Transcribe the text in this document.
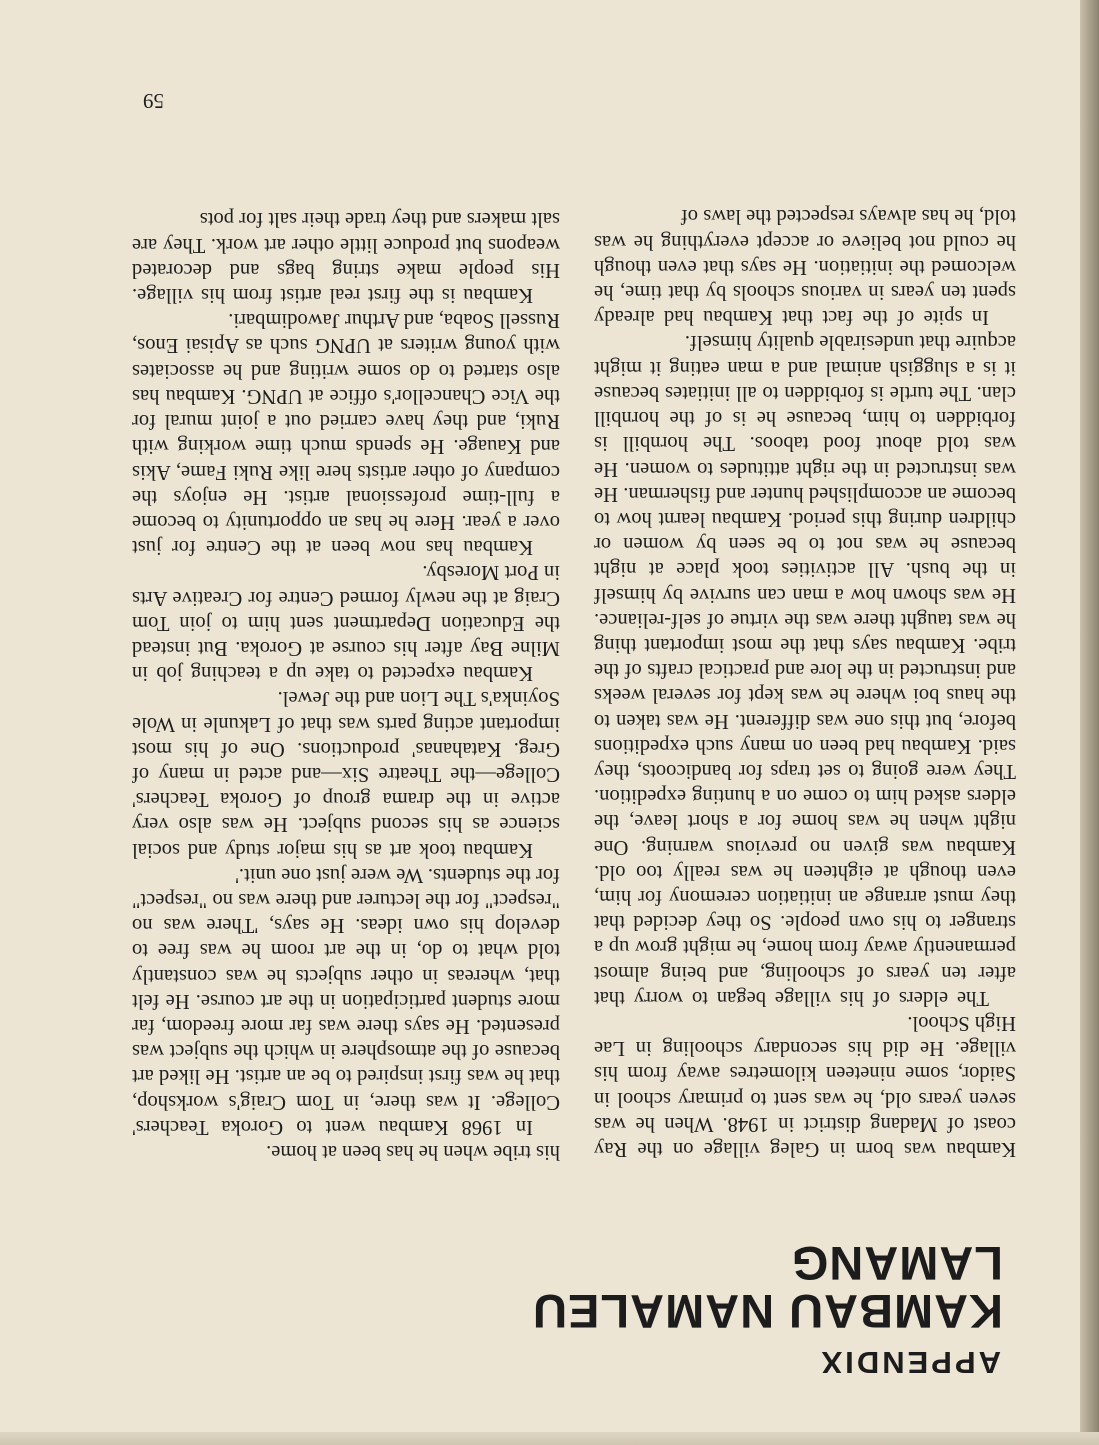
APPENDIX
KAMBAU NAMALEU
LAMANG

Kambau was born in Galeg village on the Ray coast of Madang district in 1948. When he was seven years old, he was sent to primary school in Saidor, some nineteen kilometres away from his village. He did his secondary schooling in Lae High School.

The elders of his village began to worry that after ten years of schooling, and being almost permanently away from home, he might grow up a stranger to his own people. So they decided that they must arrange an initiation ceremony for him, even though at eighteen he was really too old. Kambau was given no previous warning. One night when he was home for a short leave, the elders asked him to come on a hunting expedition. They were going to set traps for bandicoots, they said. Kambau had been on many such expeditions before, but this one was different. He was taken to the haus boi where he was kept for several weeks and instructed in the lore and practical crafts of the tribe. Kambau says that the most important thing he was taught there was the virtue of self-reliance. He was shown how a man can survive by himself in the bush. All activities took place at night because he was not to be seen by women or children during this period. Kambau learnt how to become an accomplished hunter and fisherman. He was instructed in the right attitudes to women. He was told about food taboos. The hornbill is forbidden to him, because he is of the hornbill clan. The turtle is forbidden to all initiates because it is a sluggish animal and a man eating it might acquire that undesirable quality himself.

In spite of the fact that Kambau had already spent ten years in various schools by that time, he welcomed the initiation. He says that even though he could not believe or accept everything he was told, he has always respected the laws of

his tribe when he has been at home.

In 1968 Kambau went to Goroka Teachers' College. It was there, in Tom Craig's workshop, that he was first inspired to be an artist. He liked art because of the atmosphere in which the subject was presented. He says there was far more freedom, far more student participation in the art course. He felt that, whereas in other subjects he was constantly told what to do, in the art room he was free to develop his own ideas. He says, 'There was no "respect" for the lecturer and there was no "respect" for the students. We were just one unit.'

Kambau took art as his major study and social science as his second subject. He was also very active in the drama group of Goroka Teachers' College—the Theatre Six—and acted in many of Greg. Katahanas' productions. One of his most important acting parts was that of Lakunle in Wole Soyinka's The Lion and the Jewel.

Kambau expected to take up a teaching job in Milne Bay after his course at Goroka. But instead the Education Department sent him to join Tom Craig at the newly formed Centre for Creative Arts in Port Moresby.

Kambau has now been at the Centre for just over a year. Here he has an opportunity to become a full-time professional artist. He enjoys the company of other artists here like Ruki Fame, Akis and Kauage. He spends much time working with Ruki, and they have carried out a joint mural for the Vice Chancellor's office at UPNG. Kambau has also started to do some writing and he associates with young writers at UPNG such as Apisai Enos, Russell Soaba, and Arthur Jawodimbari.

Kambau is the first real artist from his village. His people make string bags and decorated weapons but produce little other art work. They are salt makers and they trade their salt for pots

59
